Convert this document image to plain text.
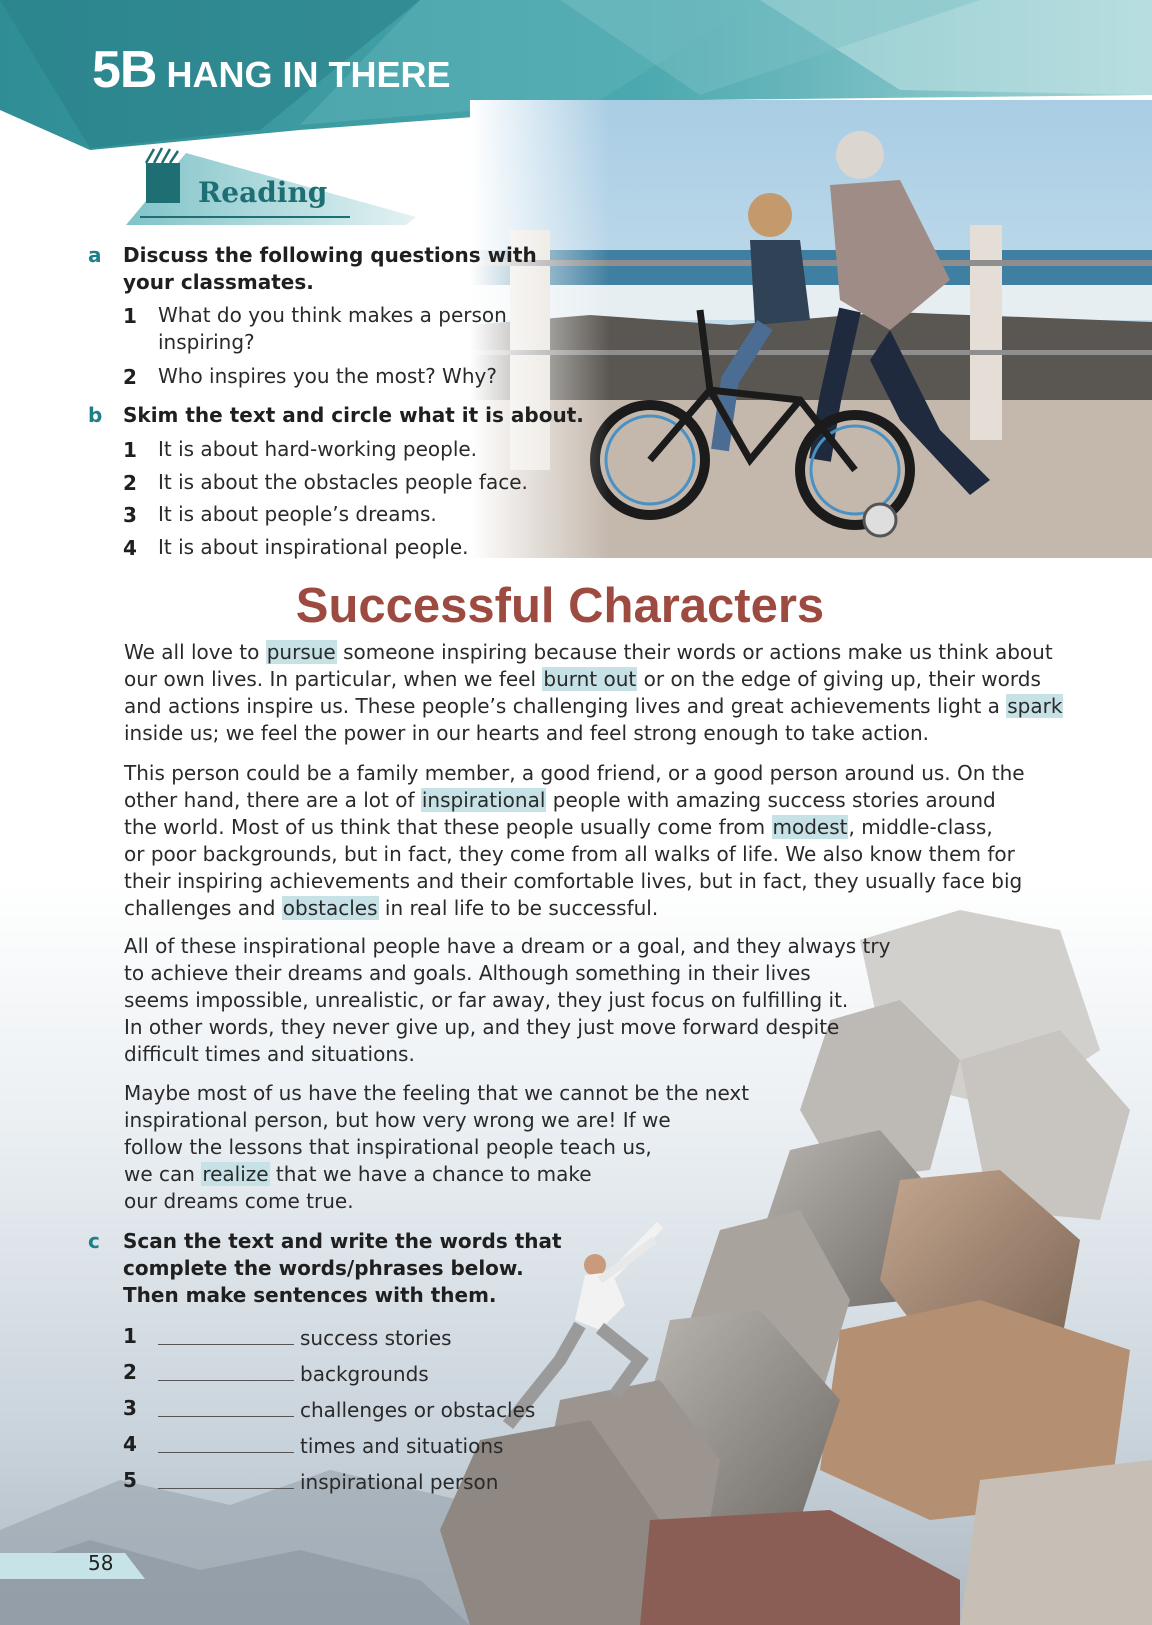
5B HANG IN THERE
Reading
a Discuss the following questions with
your classmates.
1 What do you think makes a person
inspiring?
2 Who inspires you the most? Why?
b Skim the text and circle what it is about.
1 It is about hard-working people.
2 It is about the obstacles people face.
3 It is about people’s dreams.
4 It is about inspirational people.
Successful Characters
We all love to pursue someone inspiring because their words or actions make us think about
our own lives. In particular, when we feel burnt out or on the edge of giving up, their words
and actions inspire us. These people’s challenging lives and great achievements light a spark
inside us; we feel the power in our hearts and feel strong enough to take action.
This person could be a family member, a good friend, or a good person around us. On the
other hand, there are a lot of inspirational people with amazing success stories around
the world. Most of us think that these people usually come from modest, middle-class,
or poor backgrounds, but in fact, they come from all walks of life. We also know them for
their inspiring achievements and their comfortable lives, but in fact, they usually face big
challenges and obstacles in real life to be successful.
All of these inspirational people have a dream or a goal, and they always try
to achieve their dreams and goals. Although something in their lives
seems impossible, unrealistic, or far away, they just focus on fulfilling it.
In other words, they never give up, and they just move forward despite
difficult times and situations.
Maybe most of us have the feeling that we cannot be the next
inspirational person, but how very wrong we are! If we
follow the lessons that inspirational people teach us,
we can realize that we have a chance to make
our dreams come true.
c Scan the text and write the words that
complete the words/phrases below.
Then make sentences with them.
1	success stories
2	backgrounds
3	challenges or obstacles
4	times and situations
5	inspirational person
58
